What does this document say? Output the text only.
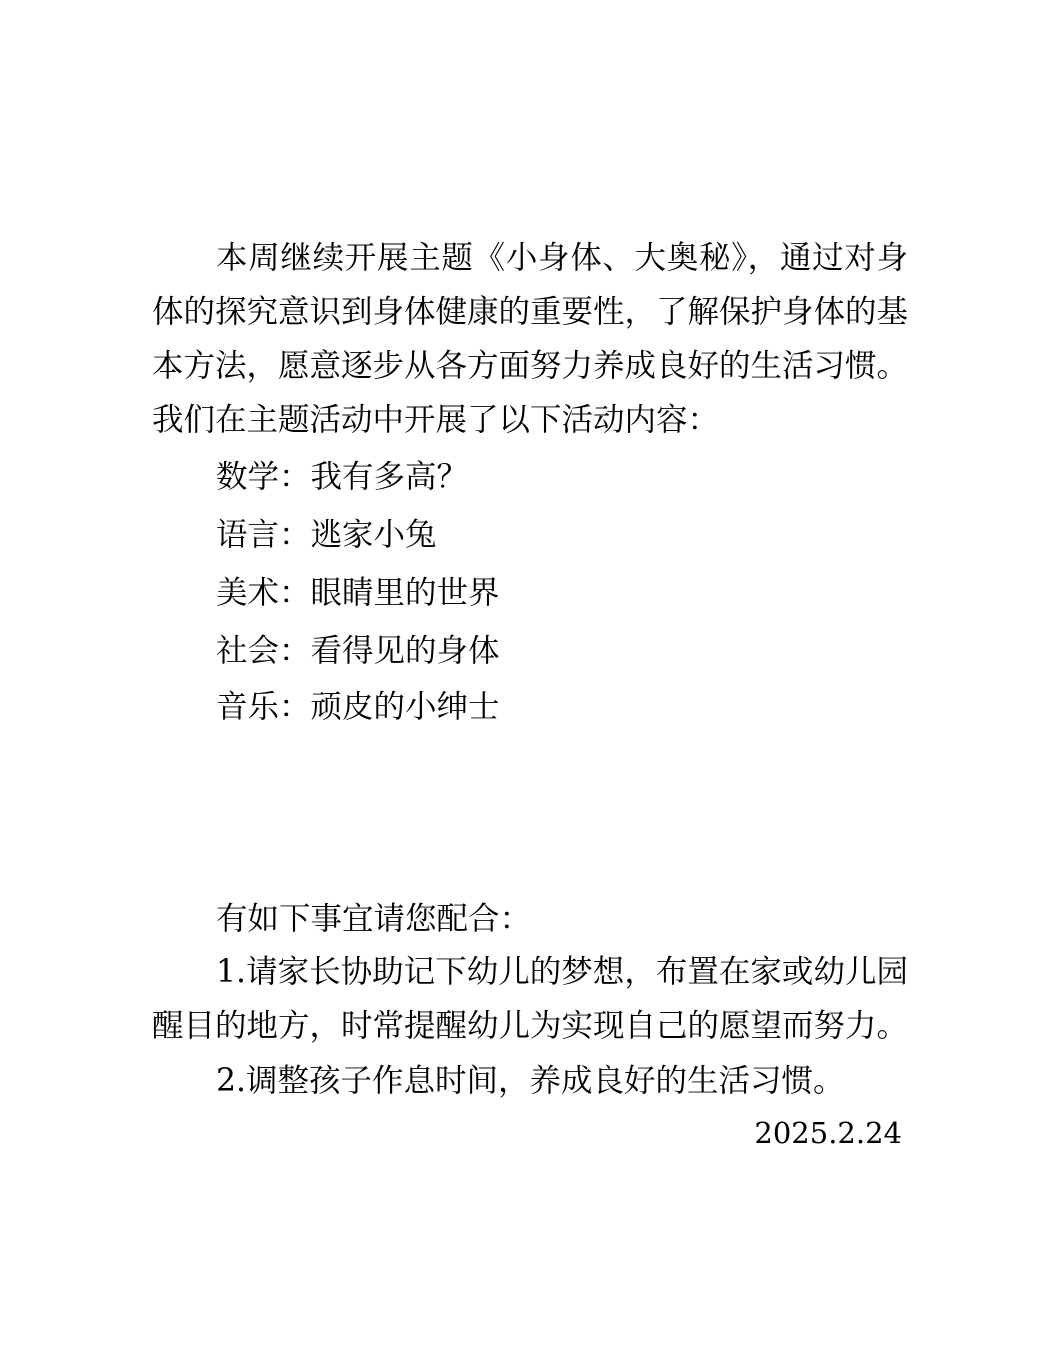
本周继续开展主题《小身体、大奥秘》，通过对身体的探究意识到身体健康的重要性，了解保护身体的基本方法，愿意逐步从各方面努力养成良好的生活习惯。我们在主题活动中开展了以下活动内容：

数学：我有多高？

语言：逃家小兔

美术：眼睛里的世界

社会：看得见的身体

音乐：顽皮的小绅士

有如下事宜请您配合：

1.请家长协助记下幼儿的梦想，布置在家或幼儿园醒目的地方，时常提醒幼儿为实现自己的愿望而努力。

2.调整孩子作息时间，养成良好的生活习惯。

2025.2.24
